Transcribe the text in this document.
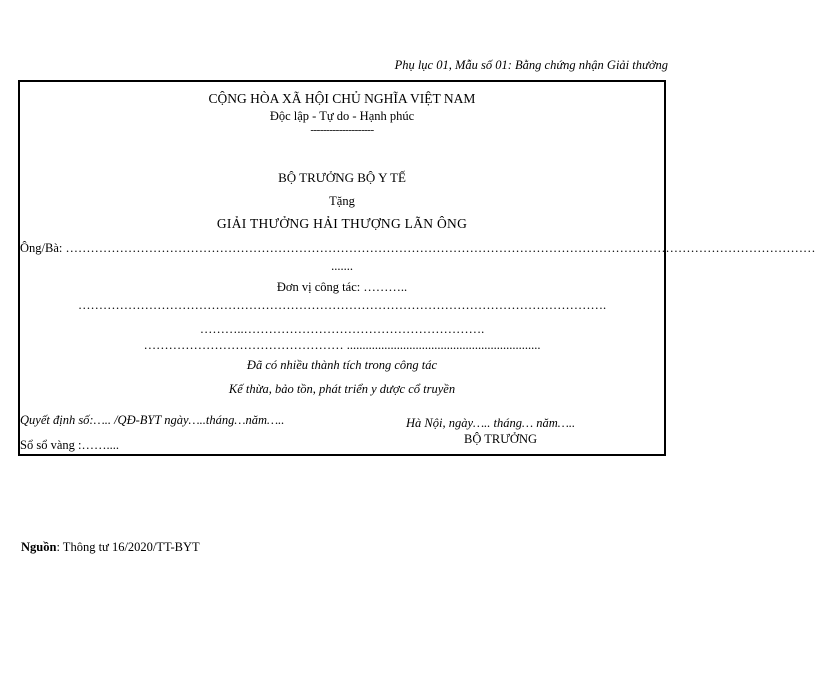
Phụ lục 01, Mẫu số 01: Bằng chứng nhận Giải thưởng
CỘNG HÒA XÃ HỘI CHỦ NGHĨA VIỆT NAM
Độc lập - Tự do - Hạnh phúc
--------------------
BỘ TRƯỞNG BỘ Y TẾ
Tặng
GIẢI THƯỞNG HẢI THƯỢNG LÃN ÔNG
Ông/Bà: ………………………………………………………………………………………………………………………………………………………………
.......
Đơn vị công tác: ………..
……………………………………………………………………………………………………………….
………..………………………………………………….
………………………………………… ..............................................................
Đã có nhiều thành tích trong công tác
Kế thừa, bảo tồn, phát triển y dược cổ truyền
Quyết định số:….. /QĐ-BYT ngày…..tháng…năm…..
Sổ sổ vàng :……....
Hà Nội, ngày….. tháng… năm…..
BỘ TRƯỞNG
Nguồn: Thông tư 16/2020/TT-BYT
